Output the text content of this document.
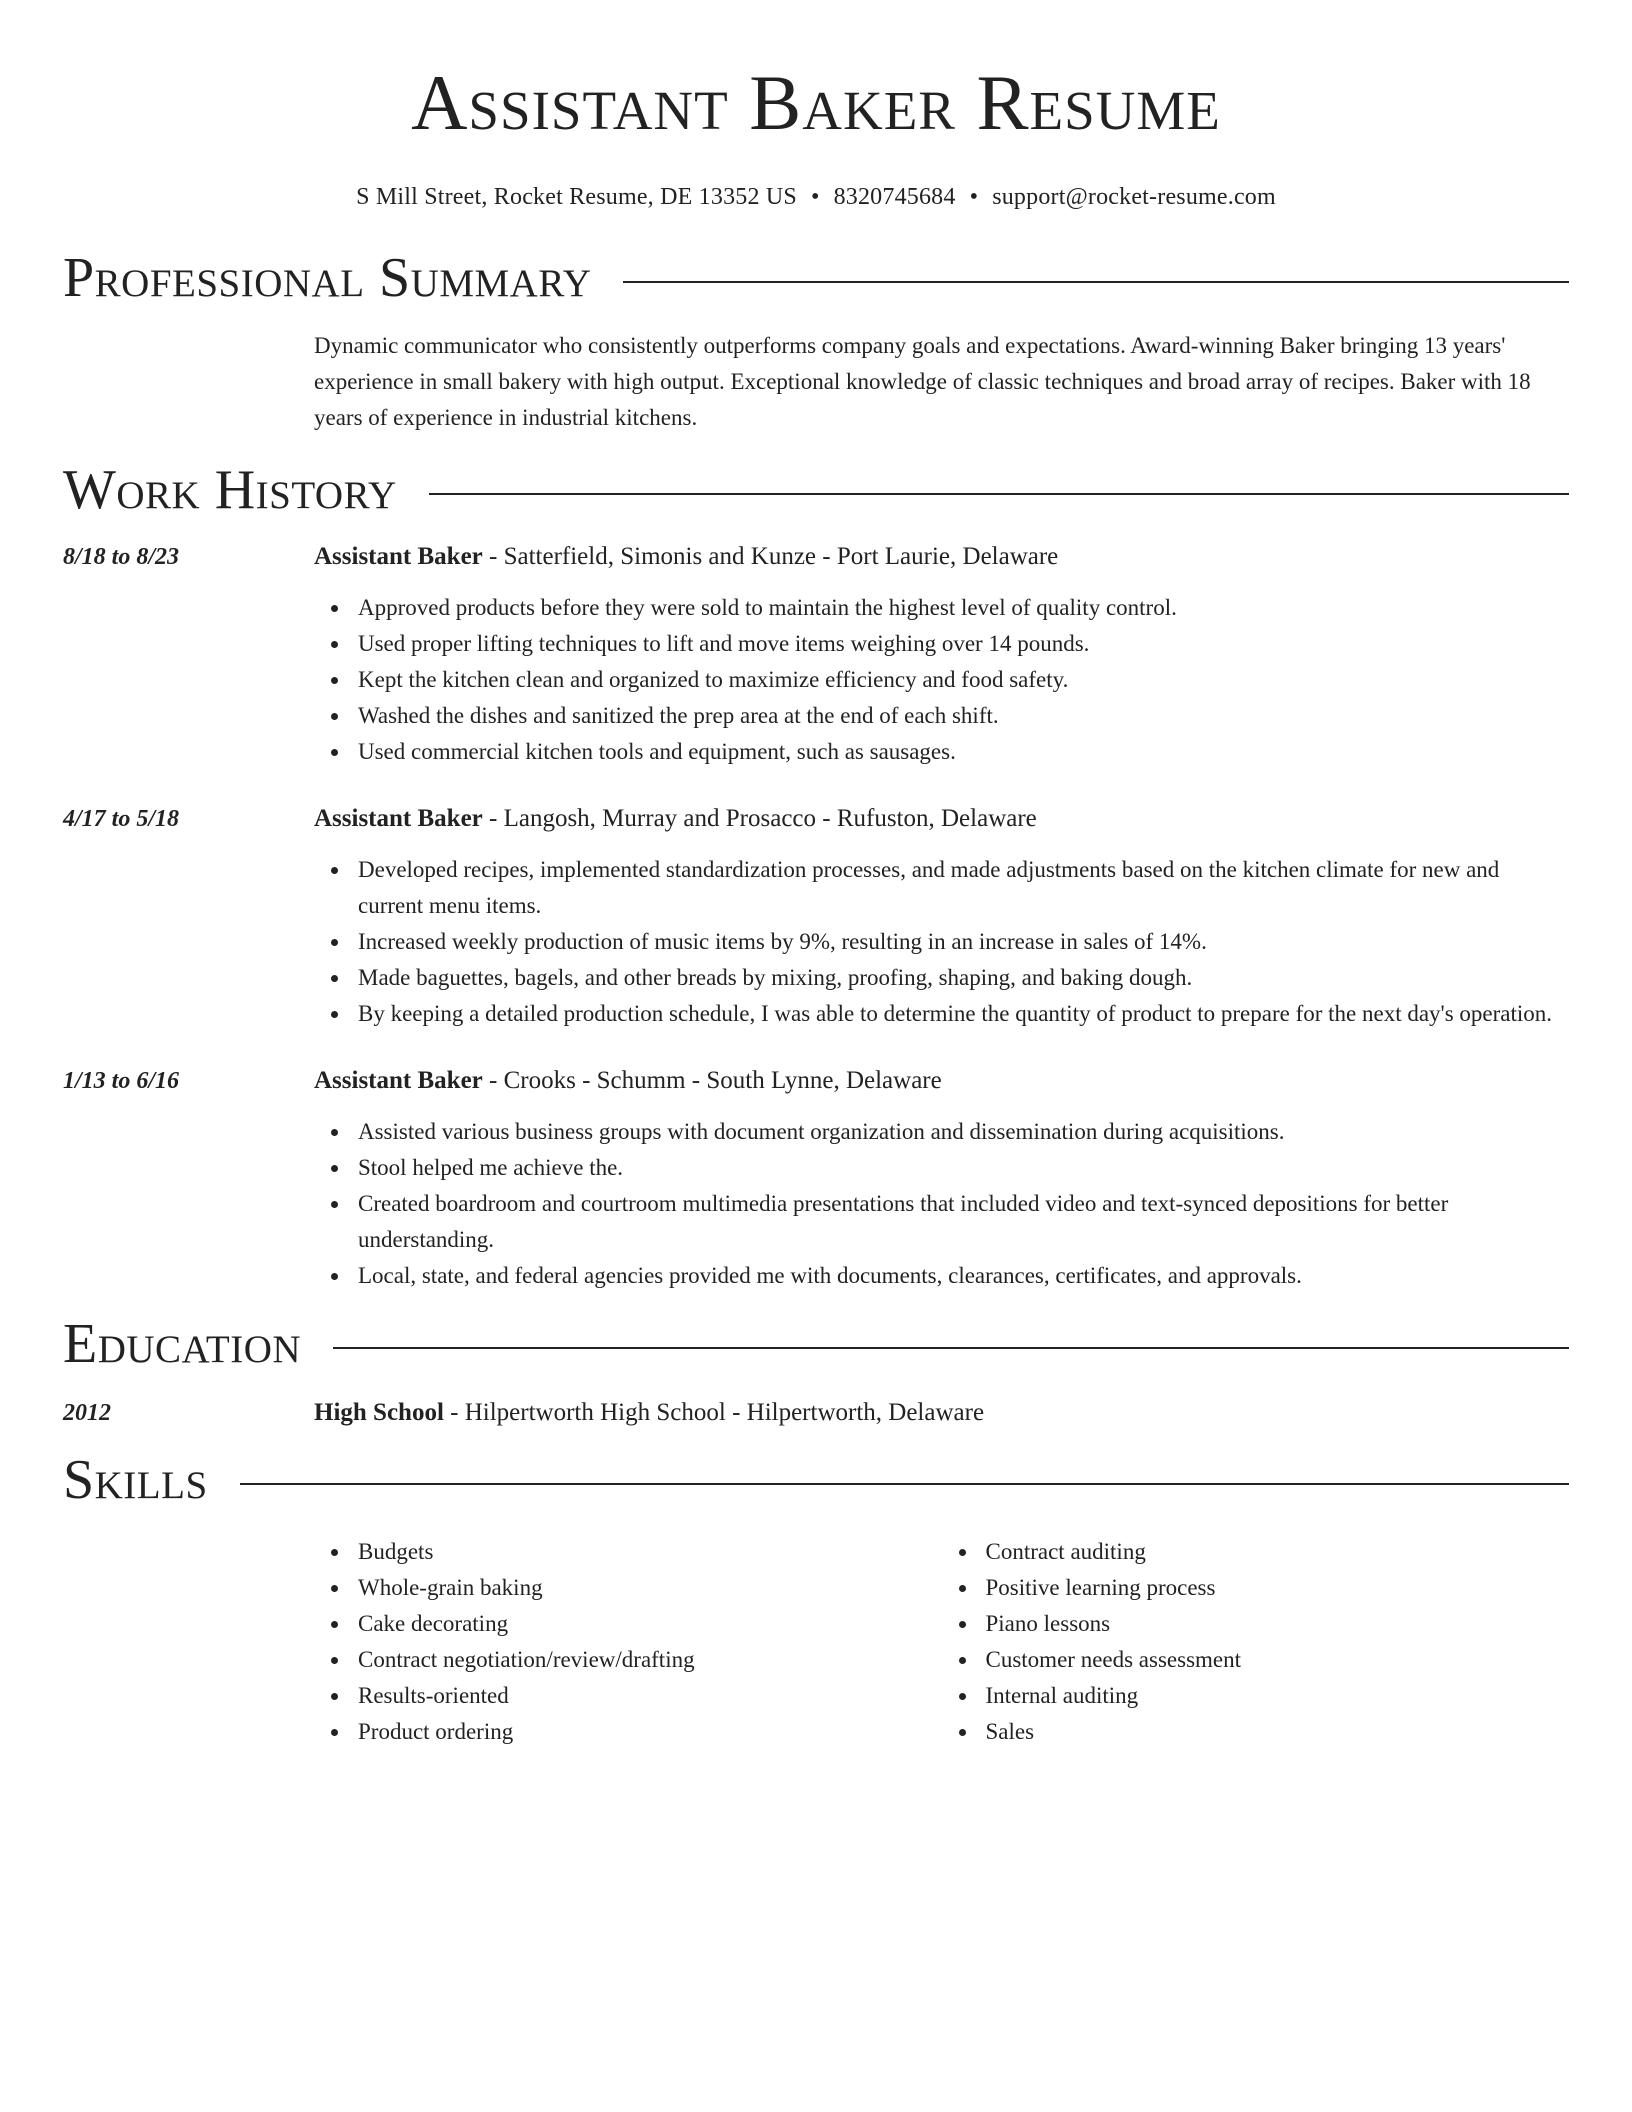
Assistant Baker Resume
S Mill Street, Rocket Resume, DE 13352 US • 8320745684 • support@rocket-resume.com
Professional Summary
Dynamic communicator who consistently outperforms company goals and expectations. Award-winning Baker bringing 13 years' experience in small bakery with high output. Exceptional knowledge of classic techniques and broad array of recipes. Baker with 18 years of experience in industrial kitchens.
Work History
8/18 to 8/23	Assistant Baker - Satterfield, Simonis and Kunze - Port Laurie, Delaware
Approved products before they were sold to maintain the highest level of quality control.
Used proper lifting techniques to lift and move items weighing over 14 pounds.
Kept the kitchen clean and organized to maximize efficiency and food safety.
Washed the dishes and sanitized the prep area at the end of each shift.
Used commercial kitchen tools and equipment, such as sausages.
4/17 to 5/18	Assistant Baker - Langosh, Murray and Prosacco - Rufuston, Delaware
Developed recipes, implemented standardization processes, and made adjustments based on the kitchen climate for new and current menu items.
Increased weekly production of music items by 9%, resulting in an increase in sales of 14%.
Made baguettes, bagels, and other breads by mixing, proofing, shaping, and baking dough.
By keeping a detailed production schedule, I was able to determine the quantity of product to prepare for the next day's operation.
1/13 to 6/16	Assistant Baker - Crooks - Schumm - South Lynne, Delaware
Assisted various business groups with document organization and dissemination during acquisitions.
Stool helped me achieve the.
Created boardroom and courtroom multimedia presentations that included video and text-synced depositions for better understanding.
Local, state, and federal agencies provided me with documents, clearances, certificates, and approvals.
Education
2012	High School - Hilpertworth High School - Hilpertworth, Delaware
Skills
Budgets
Whole-grain baking
Cake decorating
Contract negotiation/review/drafting
Results-oriented
Product ordering
Contract auditing
Positive learning process
Piano lessons
Customer needs assessment
Internal auditing
Sales
